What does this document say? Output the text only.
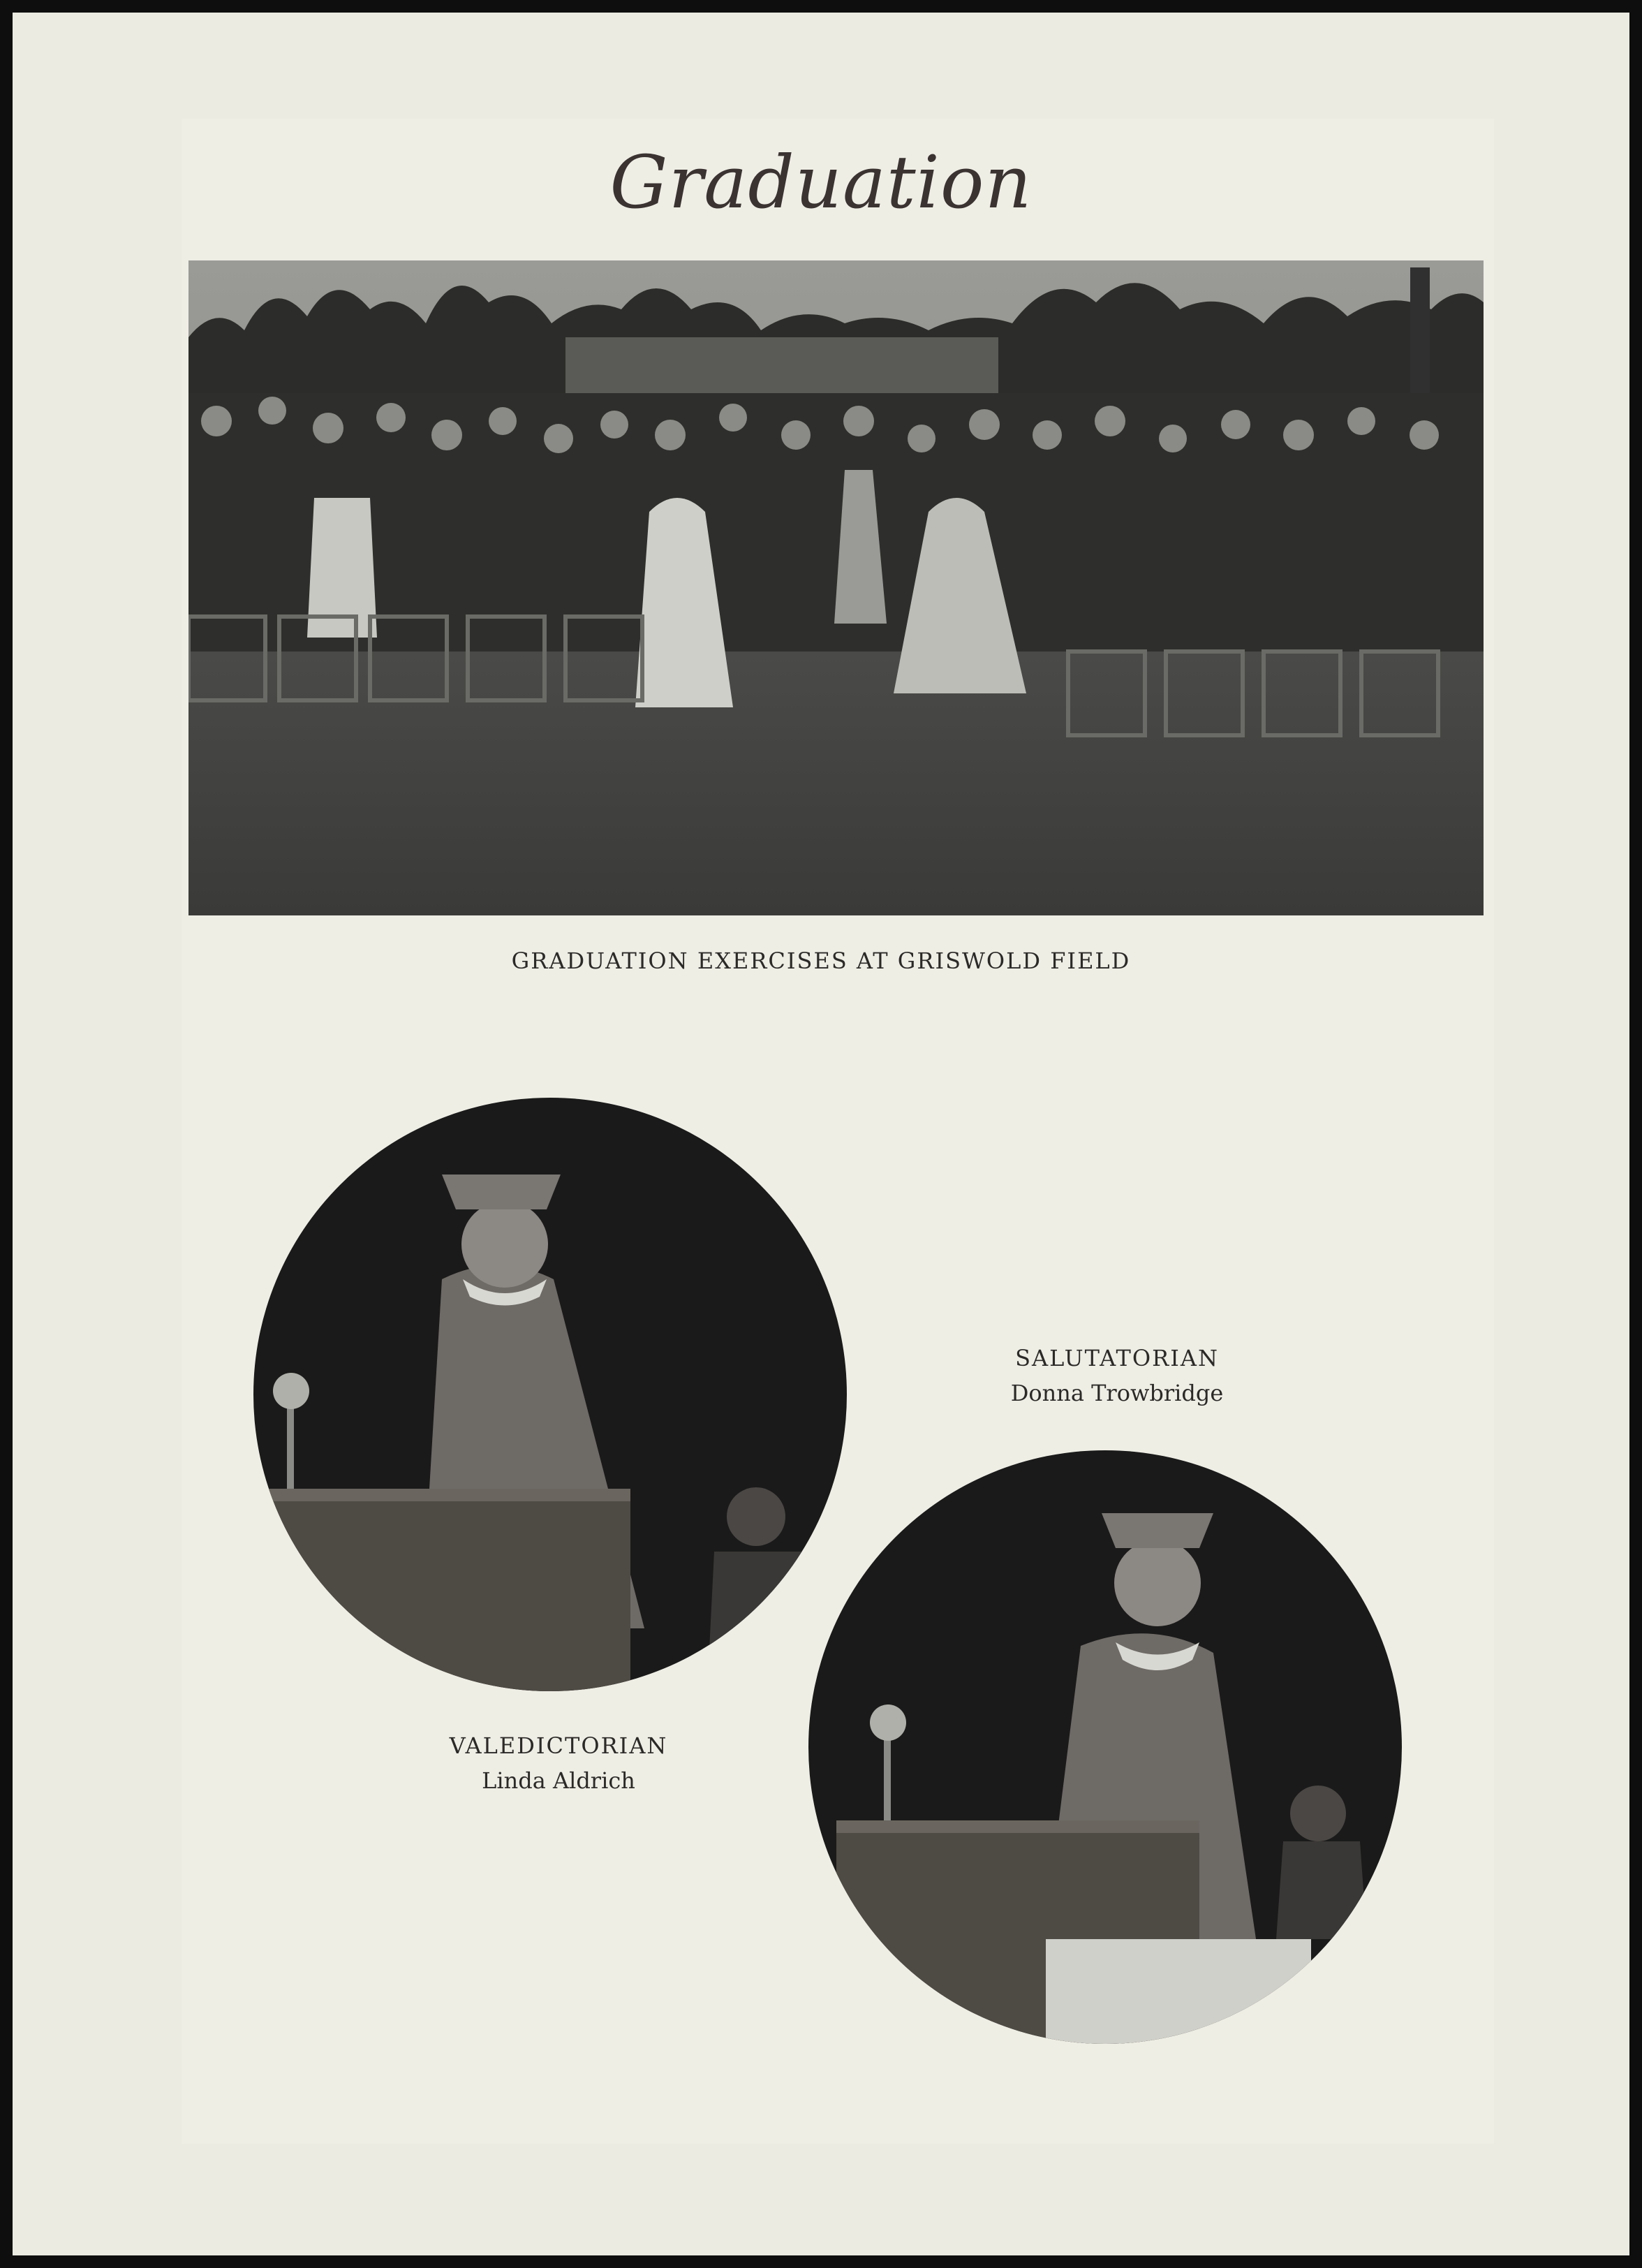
Graduation
GRADUATION EXERCISES AT GRISWOLD FIELD
SALUTATORIAN
Donna Trowbridge
VALEDICTORIAN
Linda Aldrich
